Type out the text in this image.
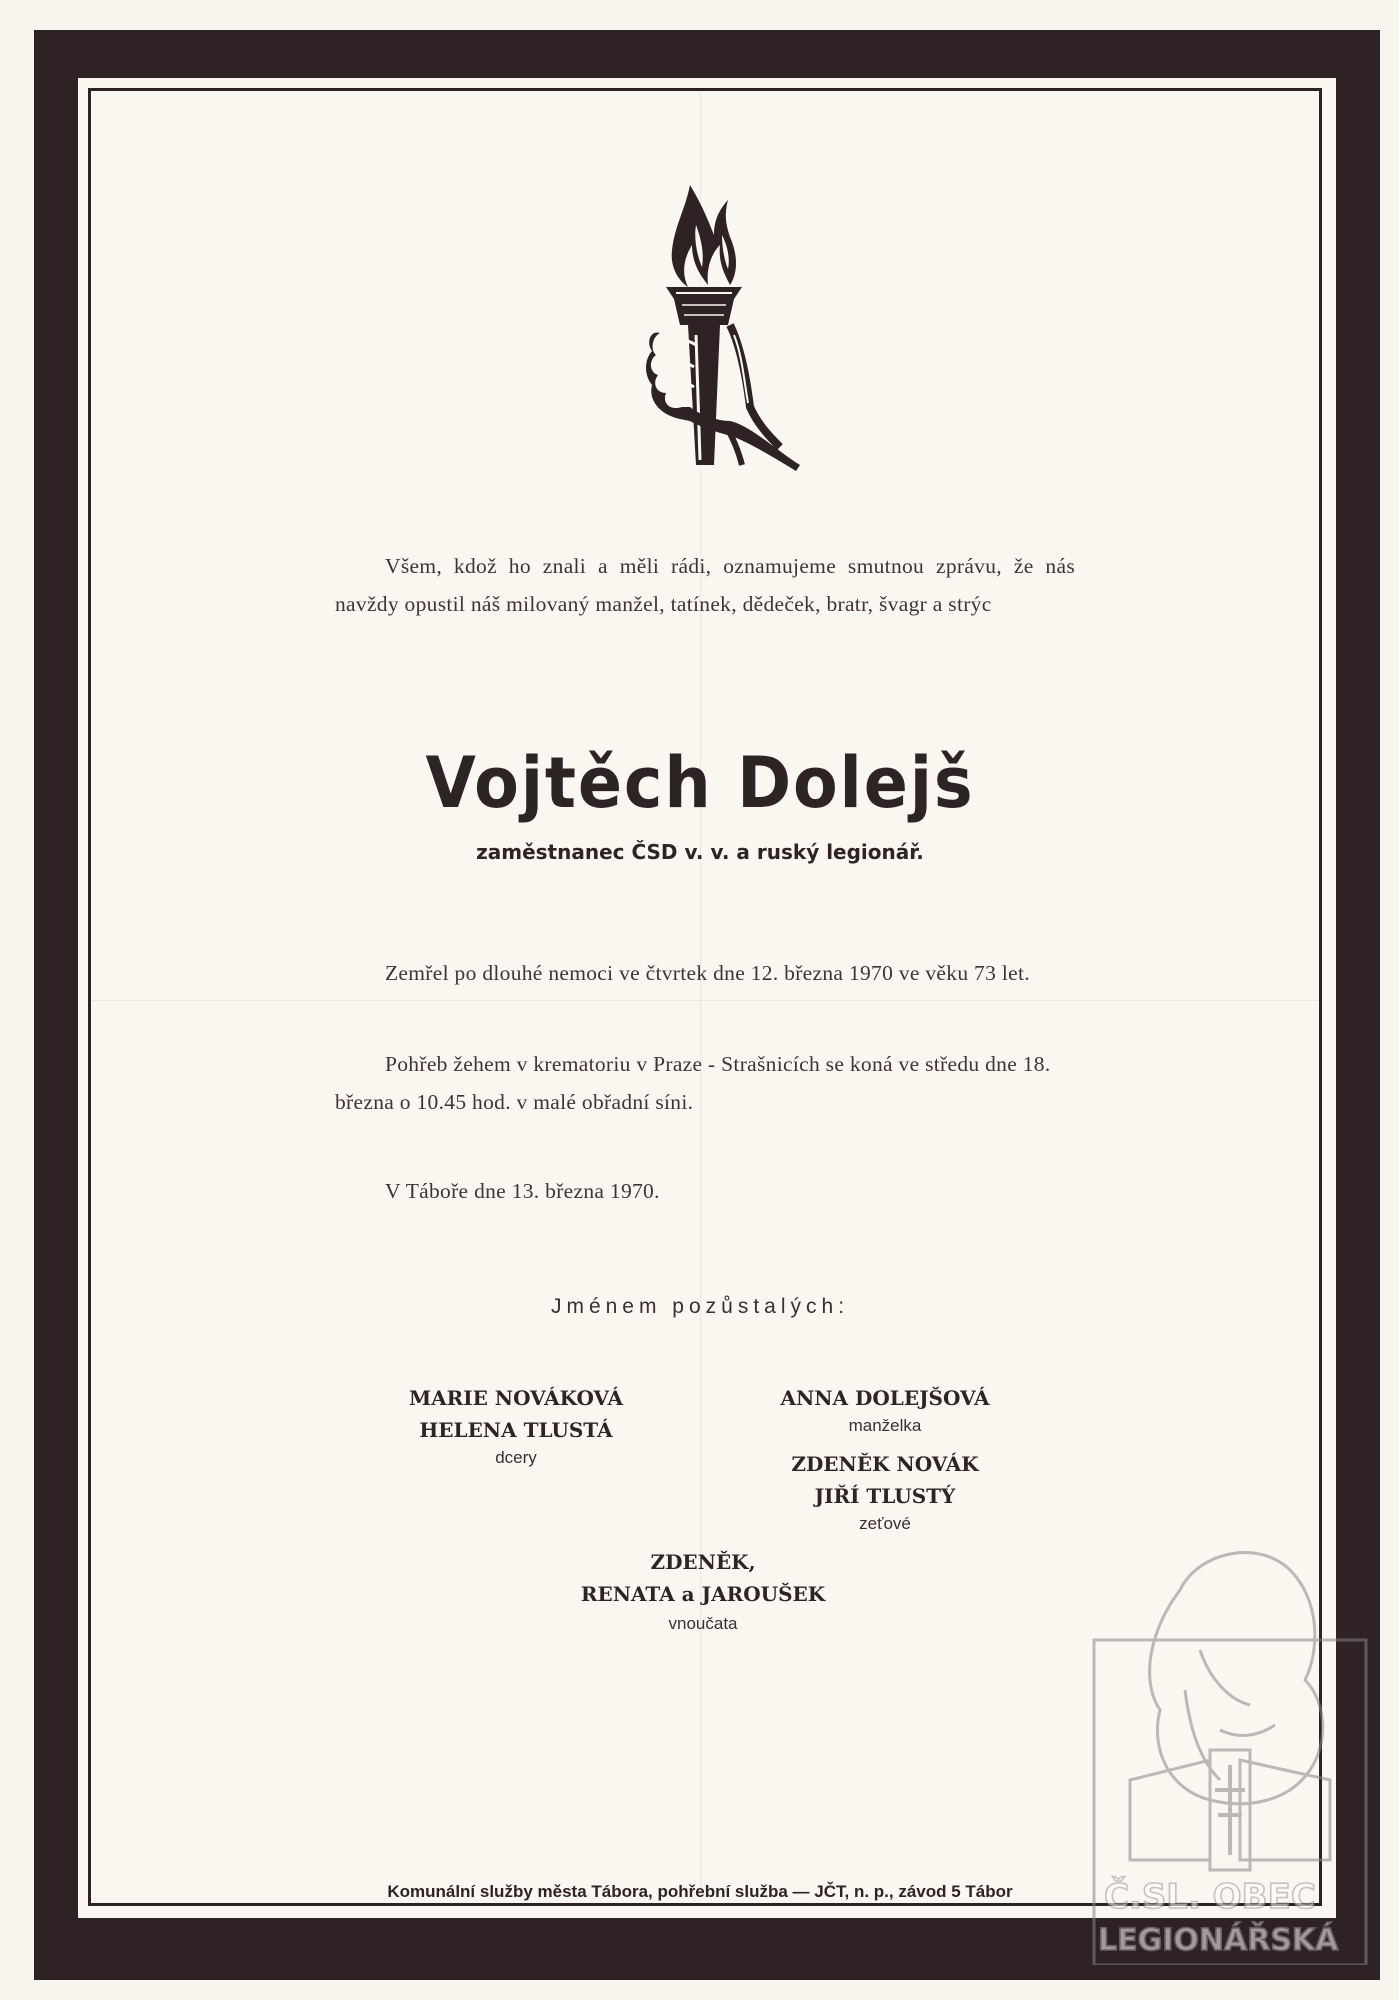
Všem, kdož ho znali a měli rádi, oznamujeme smutnou zprávu, že nás navždy opustil náš milovaný manžel, tatínek, dědeček, bratr, švagr a strýc
Vojtěch Dolejš
zaměstnanec ČSD v. v. a ruský legionář.
Zemřel po dlouhé nemoci ve čtvrtek dne 12. března 1970 ve věku 73 let.
Pohřeb žehem v krematoriu v Praze - Strašnicích se koná ve středu dne 18. března o 10.45 hod. v malé obřadní síni.
V Táboře dne 13. března 1970.
Jménem pozůstalých:
MARIE NOVÁKOVÁ
HELENA TLUSTÁ
dcery
ANNA DOLEJŠOVÁ
manželka
ZDENĚK NOVÁK
JIŘÍ TLUSTÝ
zeťové
ZDENĚK,
RENATA a JAROUŠEK
vnoučata
Komunální služby města Tábora, pohřební služba — JČT, n. p., závod 5 Tábor	Č.SL. OBEC
LEGIONÁŘSKÁ
